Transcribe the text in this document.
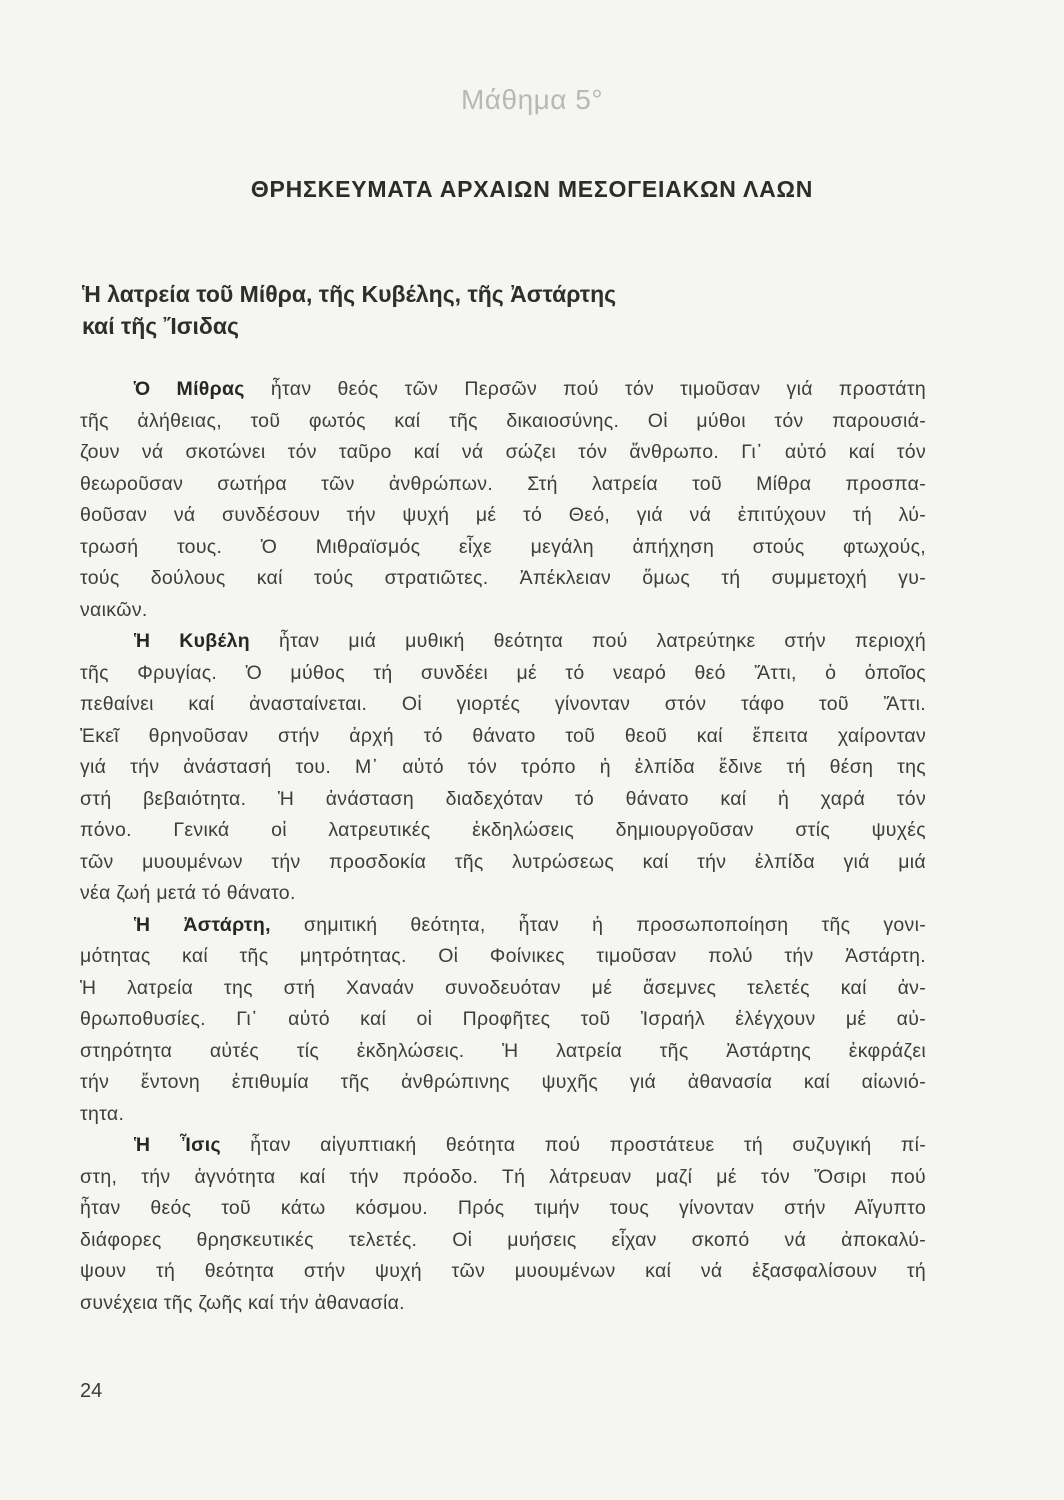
Μάθημα 5°
ΘΡΗΣΚΕΥΜΑΤΑ ΑΡΧΑΙΩΝ ΜΕΣΟΓΕΙΑΚΩΝ ΛΑΩΝ
Ἡ λατρεία τοῦ Μίθρα, τῆς Κυβέλης, τῆς Ἀστάρτης
καί τῆς Ἴσιδας
Ὁ Μίθρας ἦταν θεός τῶν Περσῶν πού τόν τιμοῦσαν γιά προστάτη
τῆς ἀλήθειας, τοῦ φωτός καί τῆς δικαιοσύνης. Οἱ μύθοι τόν παρουσιά-
ζουν νά σκοτώνει τόν ταῦρο καί νά σώζει τόν ἄνθρωπο. Γι᾽ αὐτό καί τόν
θεωροῦσαν σωτήρα τῶν ἀνθρώπων. Στή λατρεία τοῦ Μίθρα προσπα-
θοῦσαν νά συνδέσουν τήν ψυχή μέ τό Θεό, γιά νά ἐπιτύχουν τή λύ-
τρωσή τους. Ὁ Μιθραϊσμός εἶχε μεγάλη ἀπήχηση στούς φτωχούς,
τούς δούλους καί τούς στρατιῶτες. Ἀπέκλειαν ὅμως τή συμμετοχή γυ-
ναικῶν.
Ἡ Κυβέλη ἦταν μιά μυθική θεότητα πού λατρεύτηκε στήν περιοχή
τῆς Φρυγίας. Ὁ μύθος τή συνδέει μέ τό νεαρό θεό Ἄττι, ὁ ὁποῖος
πεθαίνει καί ἀνασταίνεται. Οἱ γιορτές γίνονταν στόν τάφο τοῦ Ἄττι.
Ἐκεῖ θρηνοῦσαν στήν ἀρχή τό θάνατο τοῦ θεοῦ καί ἔπειτα χαίρονταν
γιά τήν ἀνάστασή του. Μ᾽ αὐτό τόν τρόπο ἡ ἐλπίδα ἔδινε τή θέση της
στή βεβαιότητα. Ἡ ἀνάσταση διαδεχόταν τό θάνατο καί ἡ χαρά τόν
πόνο. Γενικά οἱ λατρευτικές ἐκδηλώσεις δημιουργοῦσαν στίς ψυχές
τῶν μυουμένων τήν προσδοκία τῆς λυτρώσεως καί τήν ἐλπίδα γιά μιά
νέα ζωή μετά τό θάνατο.
Ἡ Ἀστάρτη, σημιτική θεότητα, ἦταν ἡ προσωποποίηση τῆς γονι-
μότητας καί τῆς μητρότητας. Οἱ Φοίνικες τιμοῦσαν πολύ τήν Ἀστάρτη.
Ἡ λατρεία της στή Χαναάν συνοδευόταν μέ ἄσεμνες τελετές καί ἀν-
θρωποθυσίες. Γι᾽ αὐτό καί οἱ Προφῆτες τοῦ Ἰσραήλ ἐλέγχουν μέ αὐ-
στηρότητα αὐτές τίς ἐκδηλώσεις. Ἡ λατρεία τῆς Ἀστάρτης ἐκφράζει
τήν ἔντονη ἐπιθυμία τῆς ἀνθρώπινης ψυχῆς γιά ἀθανασία καί αἰωνιό-
τητα.
Ἡ Ἶσις ἦταν αἰγυπτιακή θεότητα πού προστάτευε τή συζυγική πί-
στη, τήν ἁγνότητα καί τήν πρόοδο. Τή λάτρευαν μαζί μέ τόν Ὄσιρι πού
ἦταν θεός τοῦ κάτω κόσμου. Πρός τιμήν τους γίνονταν στήν Αἴγυπτο
διάφορες θρησκευτικές τελετές. Οἱ μυήσεις εἶχαν σκοπό νά ἀποκαλύ-
ψουν τή θεότητα στήν ψυχή τῶν μυουμένων καί νά ἐξασφαλίσουν τή
συνέχεια τῆς ζωῆς καί τήν ἀθανασία.
24
